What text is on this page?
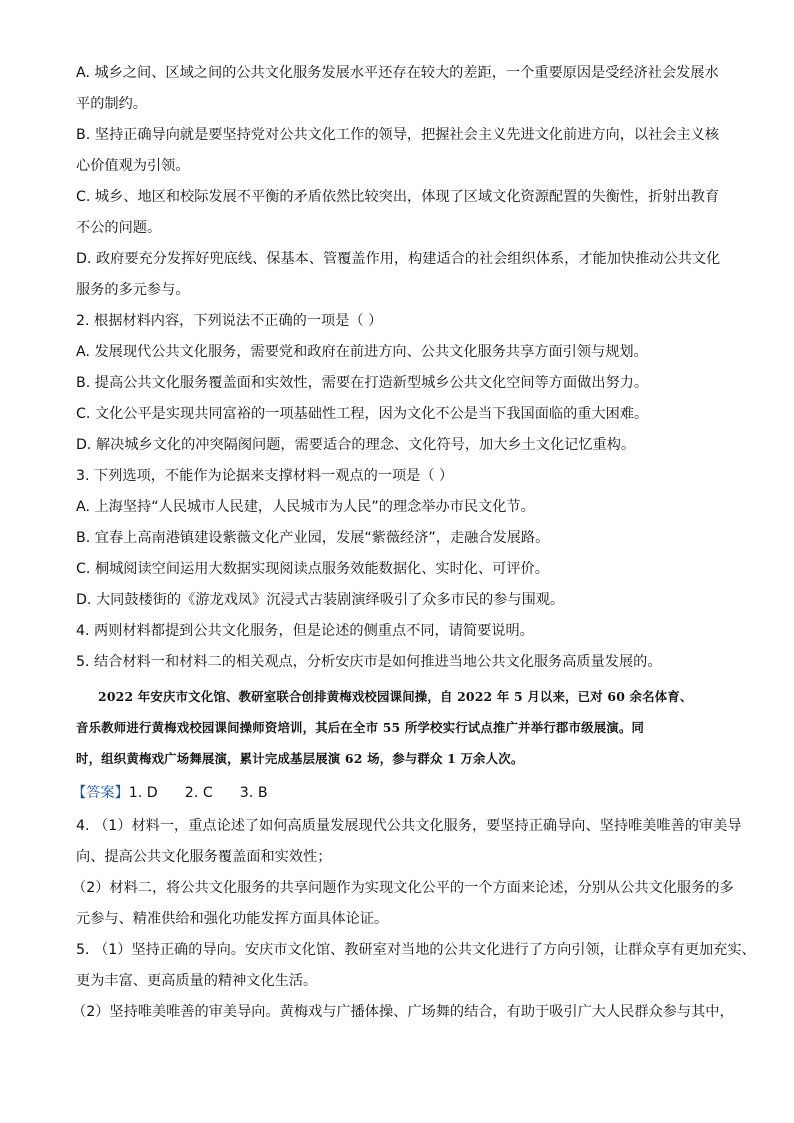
A. 城乡之间、区域之间的公共文化服务发展水平还存在较大的差距，一个重要原因是受经济社会发展水
平的制约。
B. 坚持正确导向就是要坚持党对公共文化工作的领导，把握社会主义先进文化前进方向，以社会主义核
心价值观为引领。
C. 城乡、地区和校际发展不平衡的矛盾依然比较突出，体现了区域文化资源配置的失衡性，折射出教育
不公的问题。
D. 政府要充分发挥好兜底线、保基本、管覆盖作用，构建适合的社会组织体系，才能加快推动公共文化
服务的多元参与。
2. 根据材料内容，下列说法不正确的一项是（ ）
A. 发展现代公共文化服务，需要党和政府在前进方向、公共文化服务共享方面引领与规划。
B. 提高公共文化服务覆盖面和实效性，需要在打造新型城乡公共文化空间等方面做出努力。
C. 文化公平是实现共同富裕的一项基础性工程，因为文化不公是当下我国面临的重大困难。
D. 解决城乡文化的冲突隔阂问题，需要适合的理念、文化符号，加大乡土文化记忆重构。
3. 下列选项，不能作为论据来支撑材料一观点的一项是（ ）
A. 上海坚持“人民城市人民建，人民城市为人民”的理念举办市民文化节。
B. 宜春上高南港镇建设紫薇文化产业园，发展“紫薇经济”，走融合发展路。
C. 桐城阅读空间运用大数据实现阅读点服务效能数据化、实时化、可评价。
D. 大同鼓楼街的《游龙戏凤》沉浸式古装剧演绎吸引了众多市民的参与围观。
4. 两则材料都提到公共文化服务，但是论述的侧重点不同，请简要说明。
5. 结合材料一和材料二的相关观点，分析安庆市是如何推进当地公共文化服务高质量发展的。
2022 年安庆市文化馆、教研室联合创排黄梅戏校园课间操，自 2022 年 5 月以来，已对 60 余名体育、
音乐教师进行黄梅戏校园课间操师资培训，其后在全市 55 所学校实行试点推广并举行郡市级展演。同
时，组织黄梅戏广场舞展演，累计完成基层展演 62 场，参与群众 1 万余人次。
【答案】1. D      2. C      3. B
4. （1）材料一，重点论述了如何高质量发展现代公共文化服务，要坚持正确导向、坚持唯美唯善的审美导
向、提高公共文化服务覆盖面和实效性；
（2）材料二，将公共文化服务的共享问题作为实现文化公平的一个方面来论述，分别从公共文化服务的多
元参与、精准供给和强化功能发挥方面具体论证。
5. （1）坚持正确的导向。安庆市文化馆、教研室对当地的公共文化进行了方向引领，让群众享有更加充实、
更为丰富、更高质量的精神文化生活。
（2）坚持唯美唯善的审美导向。黄梅戏与广播体操、广场舞的结合，有助于吸引广大人民群众参与其中，
